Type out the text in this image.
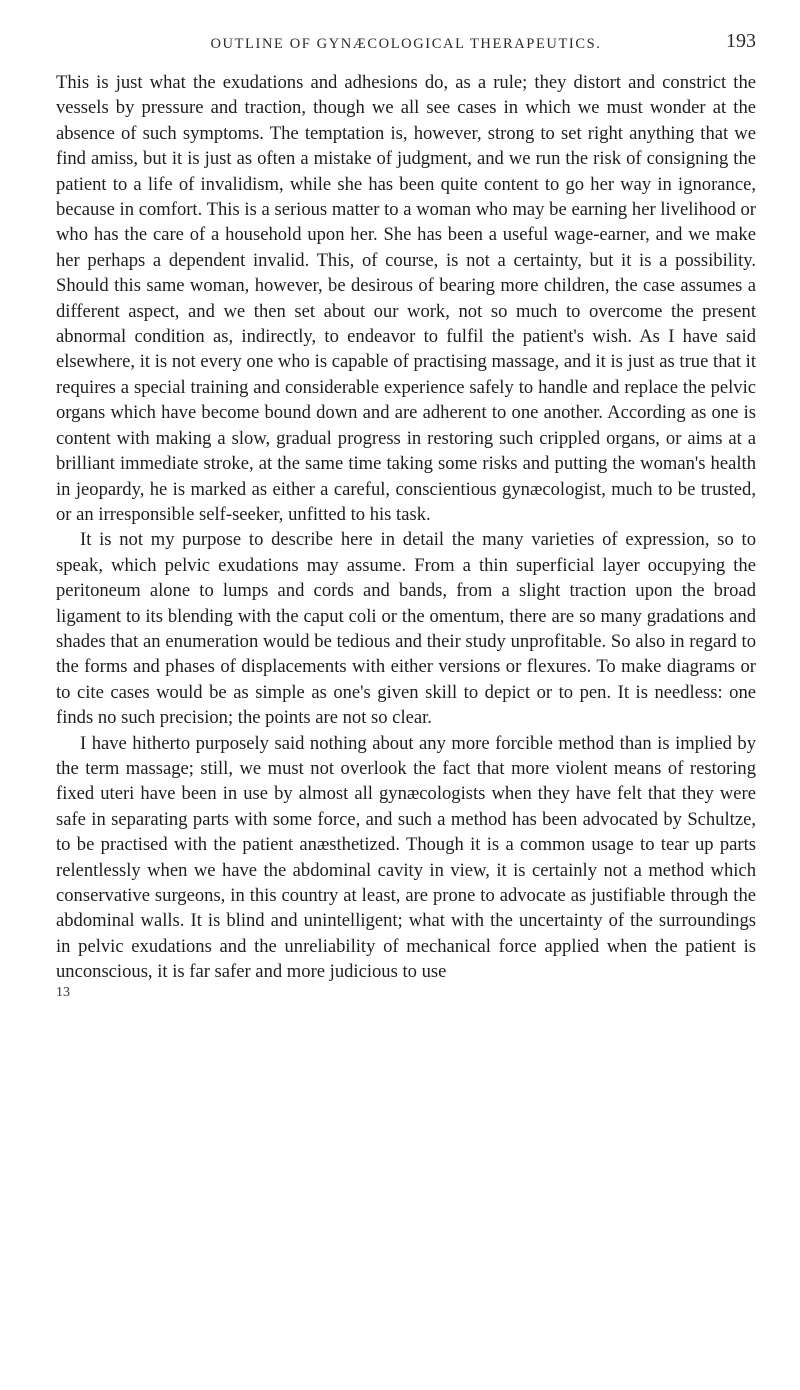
OUTLINE OF GYNÆCOLOGICAL THERAPEUTICS.	193

This is just what the exudations and adhesions do, as a rule; they distort and constrict the vessels by pressure and traction, though we all see cases in which we must wonder at the absence of such symptoms. The temptation is, however, strong to set right anything that we find amiss, but it is just as often a mistake of judgment, and we run the risk of consigning the patient to a life of invalidism, while she has been quite content to go her way in ignorance, because in comfort. This is a serious matter to a woman who may be earning her livelihood or who has the care of a household upon her. She has been a useful wage-earner, and we make her perhaps a dependent invalid. This, of course, is not a certainty, but it is a possibility. Should this same woman, however, be desirous of bearing more children, the case assumes a different aspect, and we then set about our work, not so much to overcome the present abnormal condition as, indirectly, to endeavor to fulfil the patient's wish. As I have said elsewhere, it is not every one who is capable of practising massage, and it is just as true that it requires a special training and considerable experience safely to handle and replace the pelvic organs which have become bound down and are adherent to one another. According as one is content with making a slow, gradual progress in restoring such crippled organs, or aims at a brilliant immediate stroke, at the same time taking some risks and putting the woman's health in jeopardy, he is marked as either a careful, conscientious gynæcologist, much to be trusted, or an irresponsible self-seeker, unfitted to his task.

It is not my purpose to describe here in detail the many varieties of expression, so to speak, which pelvic exudations may assume. From a thin superficial layer occupying the peritoneum alone to lumps and cords and bands, from a slight traction upon the broad ligament to its blending with the caput coli or the omentum, there are so many gradations and shades that an enumeration would be tedious and their study unprofitable. So also in regard to the forms and phases of displacements with either versions or flexures. To make diagrams or to cite cases would be as simple as one's given skill to depict or to pen. It is needless: one finds no such precision; the points are not so clear.

I have hitherto purposely said nothing about any more forcible method than is implied by the term massage; still, we must not overlook the fact that more violent means of restoring fixed uteri have been in use by almost all gynæcologists when they have felt that they were safe in separating parts with some force, and such a method has been advocated by Schultze, to be practised with the patient anæsthetized. Though it is a common usage to tear up parts relentlessly when we have the abdominal cavity in view, it is certainly not a method which conservative surgeons, in this country at least, are prone to advocate as justifiable through the abdominal walls. It is blind and unintelligent; what with the uncertainty of the surroundings in pelvic exudations and the unreliability of mechanical force applied when the patient is unconscious, it is far safer and more judicious to use

13
